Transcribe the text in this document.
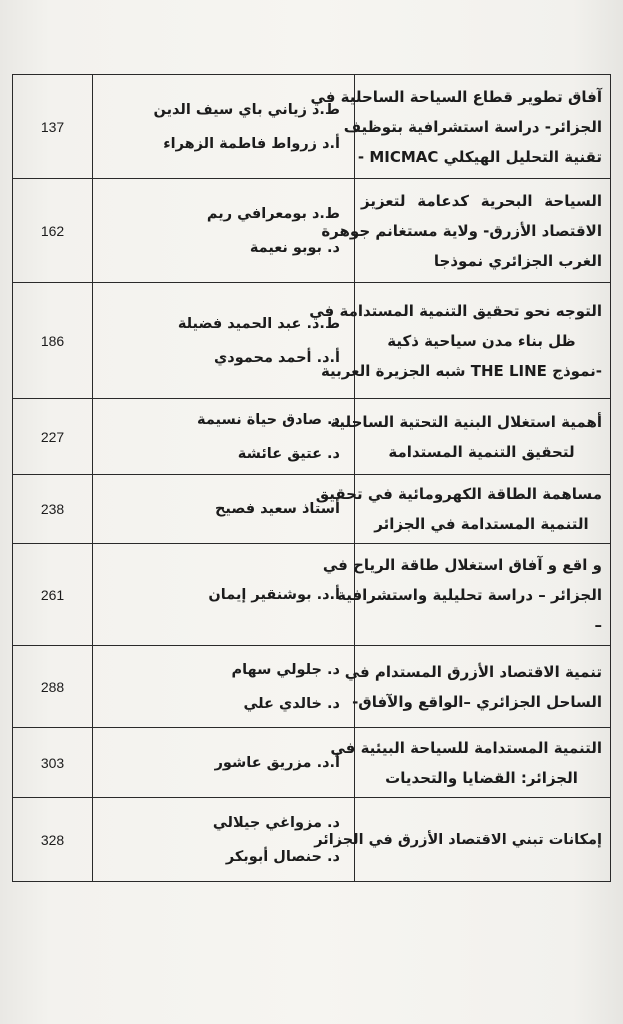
آفاق تطوير قطاع السياحة الساحلية في
الجزائر- دراسة استشرافية بتوظيف
تقنية التحليل الهيكلي MICMAC -	ط.د زياني باي سيف الدين
أ.د زرواط فاطمة الزهراء	137

السياحة البحرية كدعامة لتعزيز
الاقتصاد الأزرق- ولاية مستغانم جوهرة
الغرب الجزائري نموذجا	ط.د بومعرافي ريم
د. بوبو نعيمة	162

التوجه نحو تحقيق التنمية المستدامة في
ظل بناء مدن سياحية ذكية
-نموذج THE LINE شبه الجزيرة العربية	ط.د. عبد الحميد فضيلة
أ.د. أحمد محمودي	186

أهمية استغلال البنية التحتية الساحلية
لتحقيق التنمية المستدامة	د. صادق حياة نسيمة
د. عتيق عائشة	227

مساهمة الطاقة الكهرومائية في تحقيق
التنمية المستدامة في الجزائر	أستاذ سعيد فصيح	238

و اقع و آفاق استغلال طاقة الرياح في
الجزائر – دراسة تحليلية واستشرافية
–	أ.د. بوشنقير إيمان	261

تنمية الاقتصاد الأزرق المستدام في
الساحل الجزائري –الواقع والآفاق-	د. جلولي سهام
د. خالدي علي	288

التنمية المستدامة للسياحة البيئية في
الجزائر: القضايا والتحديات	أ.د. مزريق عاشور	303

إمكانات تبني الاقتصاد الأزرق في الجزائر	د. مزواغي جيلالي
د. حنصال أبوبكر	328
